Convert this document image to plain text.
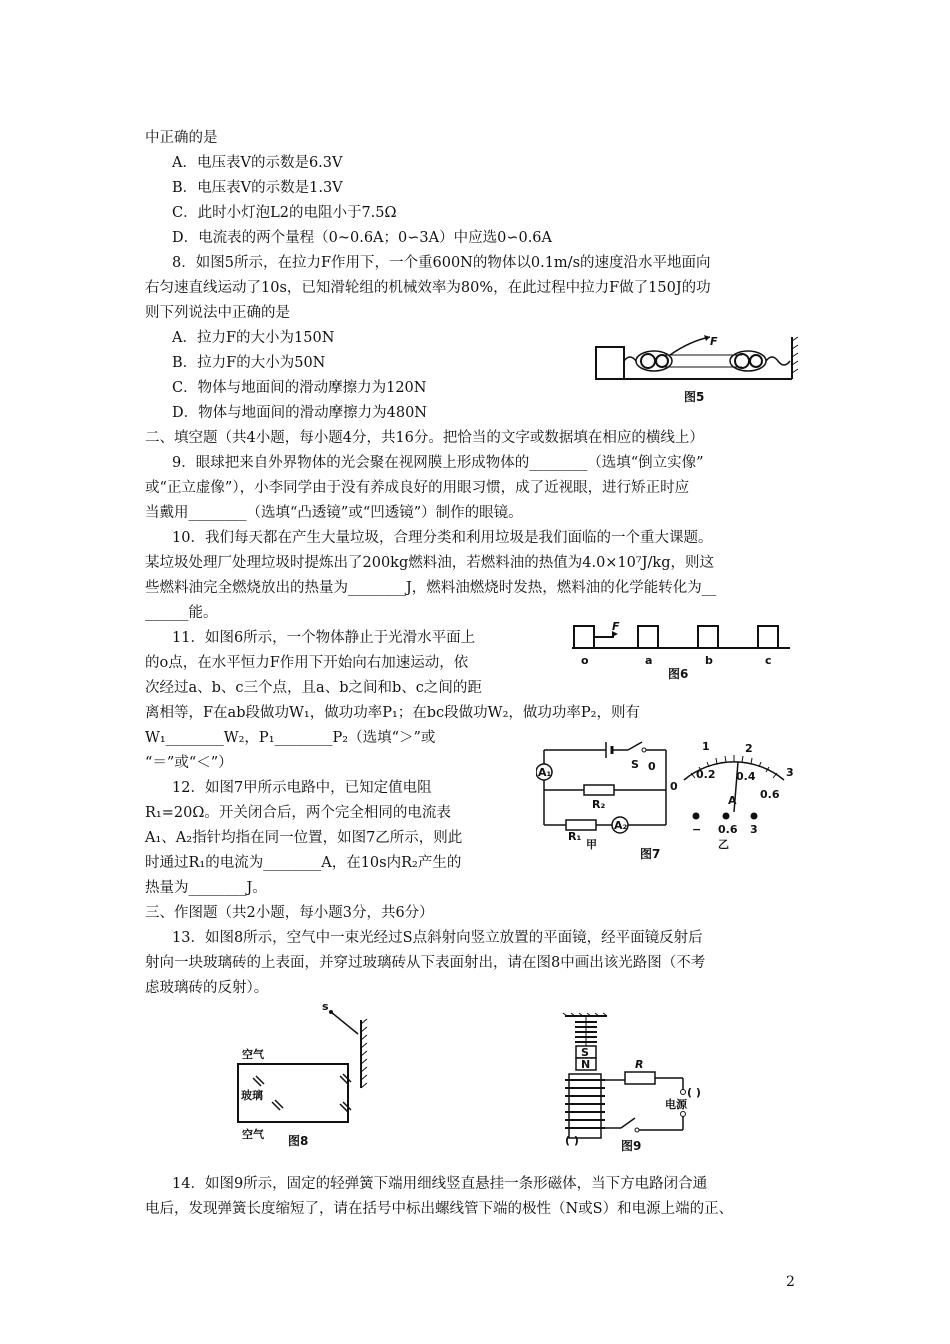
中正确的是
A．电压表V的示数是6.3V
B．电压表V的示数是1.3V
C．此时小灯泡L2的电阻小于7.5Ω
D．电流表的两个量程（0~0.6A；0∽3A）中应选0∽0.6A
8．如图5所示，在拉力F作用下，一个重600N的物体以0.1m/s的速度沿水平地面向
右匀速直线运动了10s，已知滑轮组的机械效率为80%，在此过程中拉力F做了150J的功
则下列说法中正确的是
A．拉力F的大小为150N
B．拉力F的大小为50N
C．物体与地面间的滑动摩擦力为120N
D．物体与地面间的滑动摩擦力为480N
二、填空题（共4小题，每小题4分，共16分。把恰当的文字或数据填在相应的横线上）
9．眼球把来自外界物体的光会聚在视网膜上形成物体的________（选填“倒立实像”
或“正立虚像”），小李同学由于没有养成良好的用眼习惯，成了近视眼，进行矫正时应
当戴用________（选填“凸透镜”或“凹透镜”）制作的眼镜。
10．我们每天都在产生大量垃圾，合理分类和利用垃圾是我们面临的一个重大课题。
某垃圾处理厂处理垃圾时提炼出了200kg燃料油，若燃料油的热值为4.0×10⁷J/kg，则这
些燃料油完全燃烧放出的热量为________J，燃料油燃烧时发热，燃料油的化学能转化为__
______能。
11．如图6所示，一个物体静止于光滑水平面上
的o点，在水平恒力F作用下开始向右加速运动，依
次经过a、b、c三个点，且a、b之间和b、c之间的距
离相等，F在ab段做功W₁，做功功率P₁；在bc段做功W₂，做功功率P₂，则有
W₁________W₂，P₁________P₂（选填“＞”或
“＝”或“＜”）
12．如图7甲所示电路中，已知定值电阻
R₁=20Ω。开关闭合后，两个完全相同的电流表
A₁、A₂指针均指在同一位置，如图7乙所示，则此
时通过R₁的电流为________A，在10s内R₂产生的
热量为________J。
三、作图题（共2小题，每小题3分，共6分）
13．如图8所示，空气中一束光经过S点斜射向竖立放置的平面镜，经平面镜反射后
射向一块玻璃砖的上表面，并穿过玻璃砖从下表面射出，请在图8中画出该光路图（不考
虑玻璃砖的反射）。
14．如图9所示，固定的轻弹簧下端用细线竖直悬挂一条形磁体，当下方电路闭合通
电后，发现弹簧长度缩短了，请在括号中标出螺线管下端的极性（N或S）和电源上端的正、
F
图5
F
o	a	b	c
图6
S
A₁
R₂
R₁
A₂
甲
0
1	2
3
0
0.2 0.4
0.6
A
− 0.6 3
乙
图7
s
空气
玻璃
空气 图8
S
N	R
( )
电源
( )	图9
2
